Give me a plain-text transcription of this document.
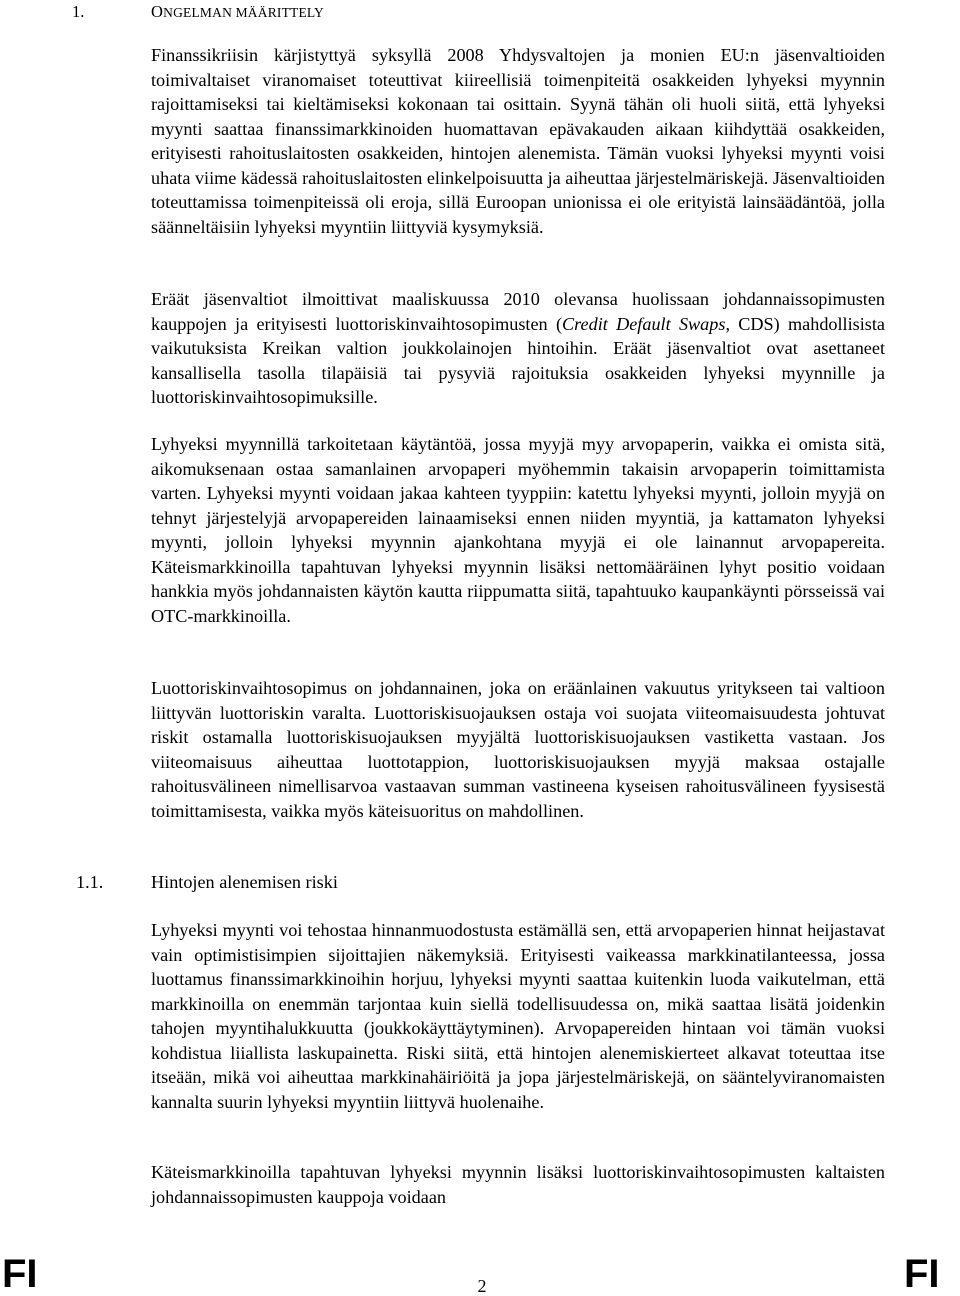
1.	ONGELMAN MÄÄRITTELY

Finanssikriisin kärjistyttyä syksyllä 2008 Yhdysvaltojen ja monien EU:n jäsenvaltioiden toimivaltaiset viranomaiset toteuttivat kiireellisiä toimenpiteitä osakkeiden lyhyeksi myynnin rajoittamiseksi tai kieltämiseksi kokonaan tai osittain. Syynä tähän oli huoli siitä, että lyhyeksi myynti saattaa finanssimarkkinoiden huomattavan epävakauden aikaan kiihdyttää osakkeiden, erityisesti rahoituslaitosten osakkeiden, hintojen alenemista. Tämän vuoksi lyhyeksi myynti voisi uhata viime kädessä rahoituslaitosten elinkelpoisuutta ja aiheuttaa järjestelmäriskejä. Jäsenvaltioiden toteuttamissa toimenpiteissä oli eroja, sillä Euroopan unionissa ei ole erityistä lainsäädäntöä, jolla säänneltäisiin lyhyeksi myyntiin liittyviä kysymyksiä.

Eräät jäsenvaltiot ilmoittivat maaliskuussa 2010 olevansa huolissaan johdannaissopimusten kauppojen ja erityisesti luottoriskinvaihtosopimusten (Credit Default Swaps, CDS) mahdollisista vaikutuksista Kreikan valtion joukkolainojen hintoihin. Eräät jäsenvaltiot ovat asettaneet kansallisella tasolla tilapäisiä tai pysyviä rajoituksia osakkeiden lyhyeksi myynnille ja luottoriskinvaihtosopimuksille.

Lyhyeksi myynnillä tarkoitetaan käytäntöä, jossa myyjä myy arvopaperin, vaikka ei omista sitä, aikomuksenaan ostaa samanlainen arvopaperi myöhemmin takaisin arvopaperin toimittamista varten. Lyhyeksi myynti voidaan jakaa kahteen tyyppiin: katettu lyhyeksi myynti, jolloin myyjä on tehnyt järjestelyjä arvopapereiden lainaamiseksi ennen niiden myyntiä, ja kattamaton lyhyeksi myynti, jolloin lyhyeksi myynnin ajankohtana myyjä ei ole lainannut arvopapereita. Käteismarkkinoilla tapahtuvan lyhyeksi myynnin lisäksi nettomääräinen lyhyt positio voidaan hankkia myös johdannaisten käytön kautta riippumatta siitä, tapahtuuko kaupankäynti pörsseissä vai OTC-markkinoilla.

Luottoriskinvaihtosopimus on johdannainen, joka on eräänlainen vakuutus yritykseen tai valtioon liittyvän luottoriskin varalta. Luottoriskisuojauksen ostaja voi suojata viiteomaisuudesta johtuvat riskit ostamalla luottoriskisuojauksen myyjältä luottoriskisuojauksen vastiketta vastaan. Jos viiteomaisuus aiheuttaa luottotappion, luottoriskisuojauksen myyjä maksaa ostajalle rahoitusvälineen nimellisarvoa vastaavan summan vastineena kyseisen rahoitusvälineen fyysisestä toimittamisesta, vaikka myös käteisuoritus on mahdollinen.

1.1.	Hintojen alenemisen riski

Lyhyeksi myynti voi tehostaa hinnanmuodostusta estämällä sen, että arvopaperien hinnat heijastavat vain optimistisimpien sijoittajien näkemyksiä. Erityisesti vaikeassa markkinatilanteessa, jossa luottamus finanssimarkkinoihin horjuu, lyhyeksi myynti saattaa kuitenkin luoda vaikutelman, että markkinoilla on enemmän tarjontaa kuin siellä todellisuudessa on, mikä saattaa lisätä joidenkin tahojen myyntihalukkuutta (joukkokäyttäytyminen). Arvopapereiden hintaan voi tämän vuoksi kohdistua liiallista laskupainetta. Riski siitä, että hintojen alenemiskierteet alkavat toteuttaa itse itseään, mikä voi aiheuttaa markkinahäiriöitä ja jopa järjestelmäriskejä, on sääntelyviranomaisten kannalta suurin lyhyeksi myyntiin liittyvä huolenaihe.

Käteismarkkinoilla tapahtuvan lyhyeksi myynnin lisäksi luottoriskinvaihtosopimusten kaltaisten johdannaissopimusten kauppoja voidaan

FI	2	FI
